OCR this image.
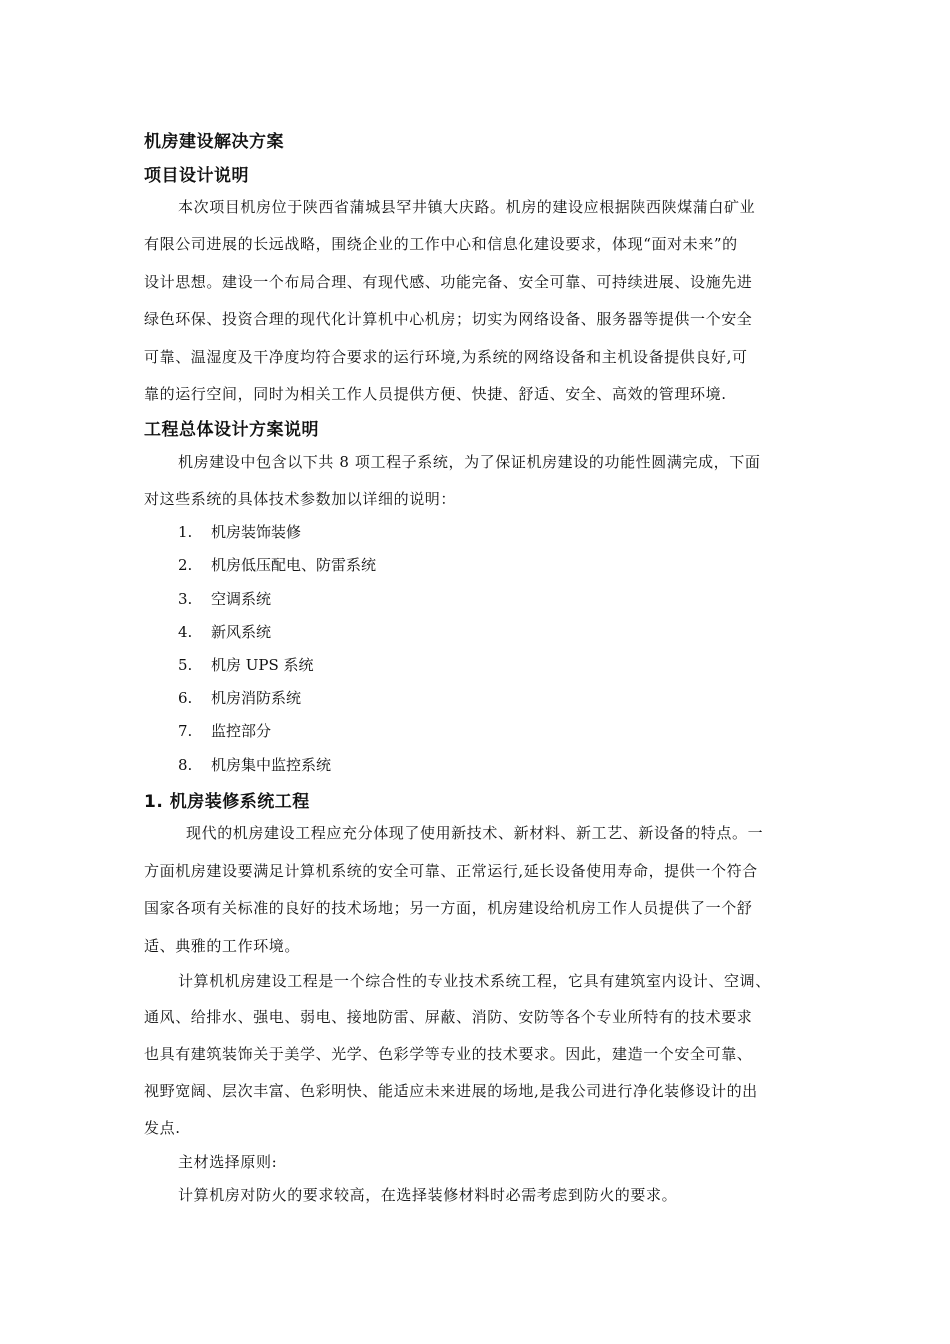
机房建设解决方案
项目设计说明
本次项目机房位于陕西省蒲城县罕井镇大庆路。机房的建设应根据陕西陕煤蒲白矿业
有限公司进展的长远战略，围绕企业的工作中心和信息化建设要求，体现“面对未来”的
设计思想。建设一个布局合理、有现代感、功能完备、安全可靠、可持续进展、设施先进
绿色环保、投资合理的现代化计算机中心机房；切实为网络设备、服务器等提供一个安全
可靠、温湿度及干净度均符合要求的运行环境,为系统的网络设备和主机设备提供良好,可
靠的运行空间，同时为相关工作人员提供方便、快捷、舒适、安全、高效的管理环境.
工程总体设计方案说明
机房建设中包含以下共 8 项工程子系统，为了保证机房建设的功能性圆满完成，下面
对这些系统的具体技术参数加以详细的说明：
1. 机房装饰装修
2. 机房低压配电、防雷系统
3. 空调系统
4. 新风系统
5. 机房 UPS 系统
6. 机房消防系统
7. 监控部分
8. 机房集中监控系统
1. 机房装修系统工程
现代的机房建设工程应充分体现了使用新技术、新材料、新工艺、新设备的特点。一
方面机房建设要满足计算机系统的安全可靠、正常运行,延长设备使用寿命，提供一个符合
国家各项有关标准的良好的技术场地；另一方面，机房建设给机房工作人员提供了一个舒
适、典雅的工作环境。
计算机机房建设工程是一个综合性的专业技术系统工程，它具有建筑室内设计、空调、
通风、给排水、强电、弱电、接地防雷、屏蔽、消防、安防等各个专业所特有的技术要求
也具有建筑装饰关于美学、光学、色彩学等专业的技术要求。因此，建造一个安全可靠、
视野宽阔、层次丰富、色彩明快、能适应未来进展的场地,是我公司进行净化装修设计的出
发点.
主材选择原则:
计算机房对防火的要求较高，在选择装修材料时必需考虑到防火的要求。
